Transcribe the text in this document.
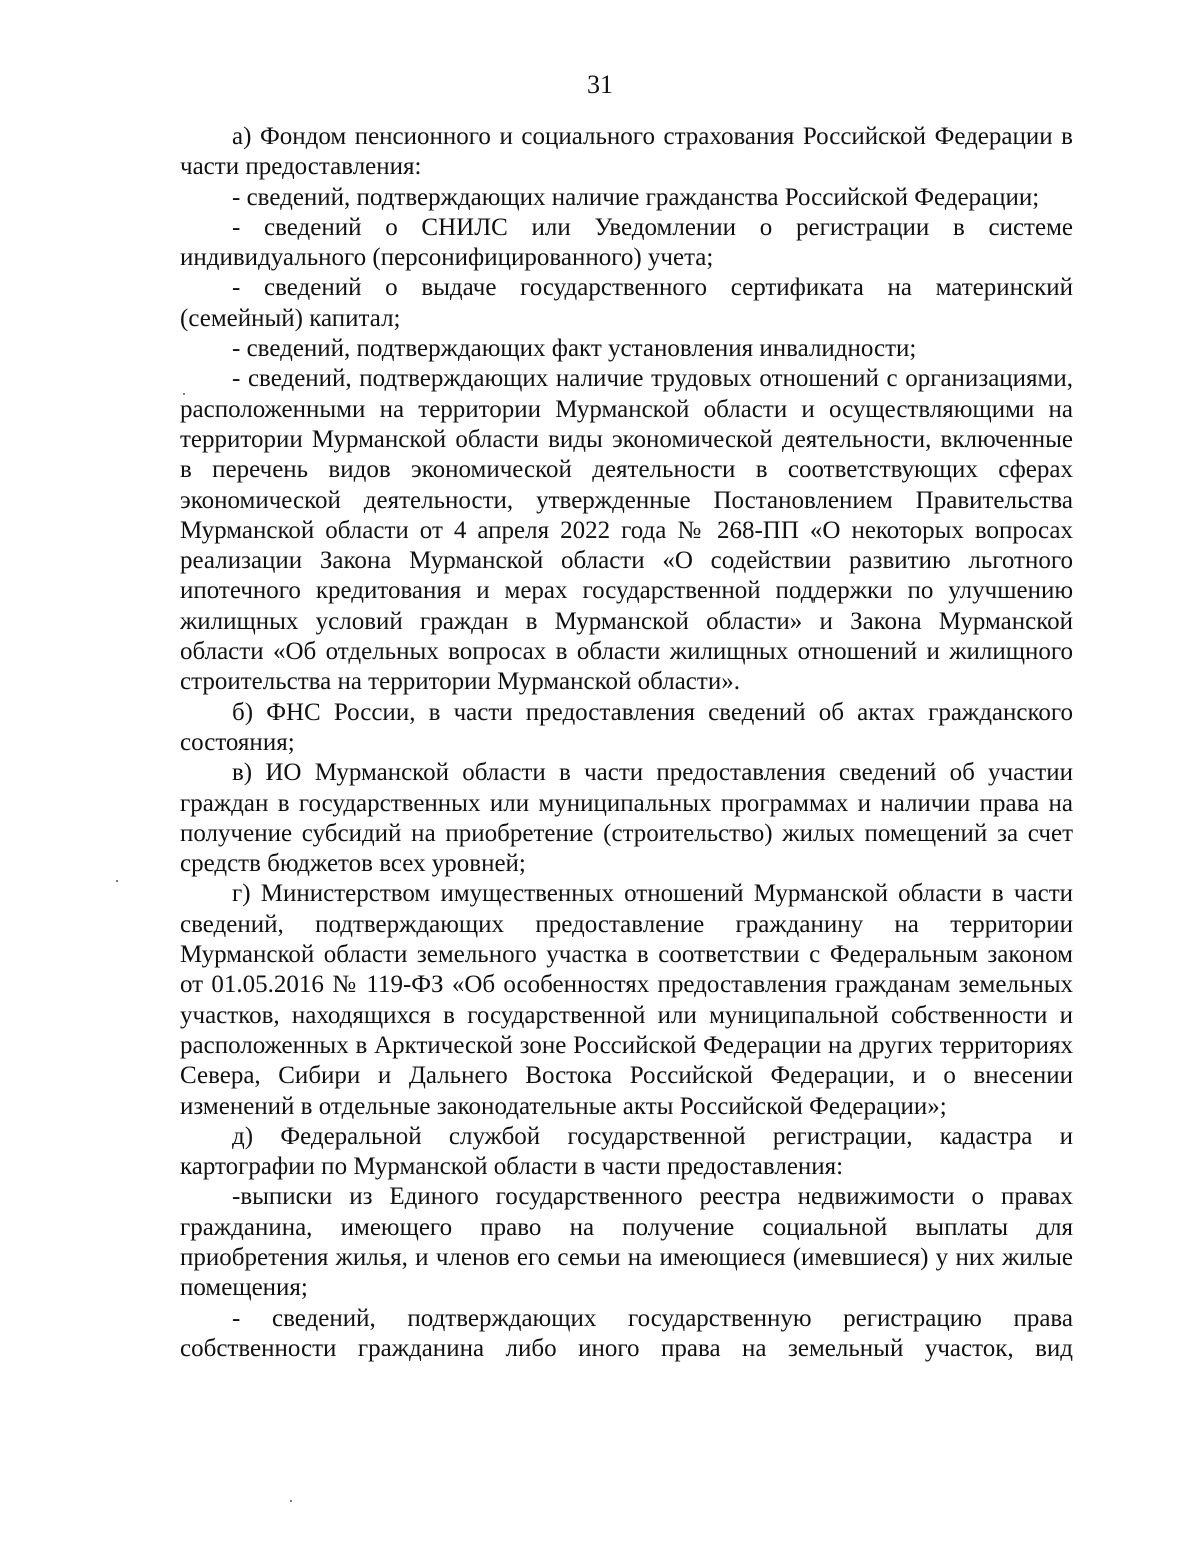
31

а) Фондом пенсионного и социального страхования Российской Федерации в части предоставления:

- сведений, подтверждающих наличие гражданства Российской Федерации;

- сведений о СНИЛС или Уведомлении о регистрации в системе индивидуального (персонифицированного) учета;

- сведений о выдаче государственного сертификата на материнский (семейный) капитал;

- сведений, подтверждающих факт установления инвалидности;

- сведений, подтверждающих наличие трудовых отношений с организациями, расположенными на территории Мурманской области и осуществляющими на территории Мурманской области виды экономической деятельности, включенные в перечень видов экономической деятельности в соответствующих сферах экономической деятельности, утвержденные Постановлением Правительства Мурманской области от 4 апреля 2022 года № 268-ПП «О некоторых вопросах реализации Закона Мурманской области «О содействии развитию льготного ипотечного кредитования и мерах государственной поддержки по улучшению жилищных условий граждан в Мурманской области» и Закона Мурманской области «Об отдельных вопросах в области жилищных отношений и жилищного строительства на территории Мурманской области».

б) ФНС России, в части предоставления сведений об актах гражданского состояния;

в) ИО Мурманской области в части предоставления сведений об участии граждан в государственных или муниципальных программах и наличии права на получение субсидий на приобретение (строительство) жилых помещений за счет средств бюджетов всех уровней;

г) Министерством имущественных отношений Мурманской области в части сведений, подтверждающих предоставление гражданину на территории Мурманской области земельного участка в соответствии с Федеральным законом от 01.05.2016 № 119-ФЗ «Об особенностях предоставления гражданам земельных участков, находящихся в государственной или муниципальной собственности и расположенных в Арктической зоне Российской Федерации на других территориях Севера, Сибири и Дальнего Востока Российской Федерации, и о внесении изменений в отдельные законодательные акты Российской Федерации»;

д) Федеральной службой государственной регистрации, кадастра и картографии по Мурманской области в части предоставления:

-выписки из Единого государственного реестра недвижимости о правах гражданина, имеющего право на получение социальной выплаты для приобретения жилья, и членов его семьи на имеющиеся (имевшиеся) у них жилые помещения;

- сведений, подтверждающих государственную регистрацию права собственности гражданина либо иного права на земельный участок, вид
